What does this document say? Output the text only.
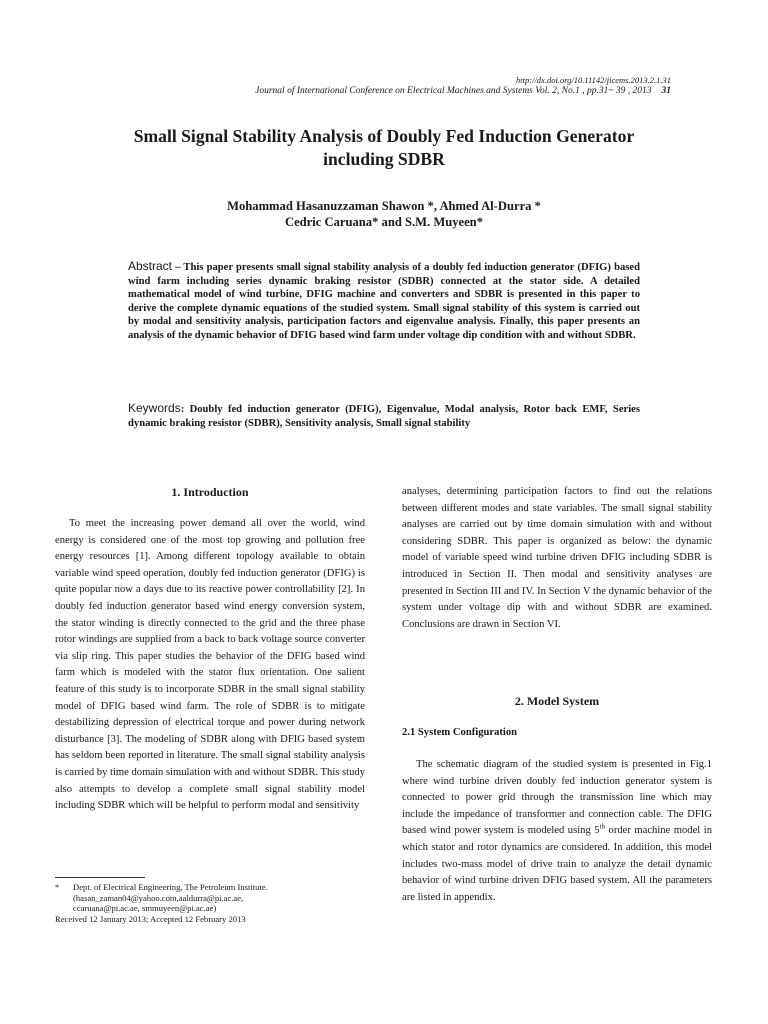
http://dx.doi.org/10.11142/jicems.2013.2.1.31
Journal of International Conference on Electrical Machines and Systems Vol. 2, No.1 , pp.31~ 39 , 2013 31
Small Signal Stability Analysis of Doubly Fed Induction Generator
including SDBR
Mohammad Hasanuzzaman Shawon *, Ahmed Al-Durra *
Cedric Caruana* and S.M. Muyeen*
Abstract – This paper presents small signal stability analysis of a doubly fed induction generator (DFIG) based wind farm including series dynamic braking resistor (SDBR) connected at the stator side. A detailed mathematical model of wind turbine, DFIG machine and converters and SDBR is presented in this paper to derive the complete dynamic equations of the studied system. Small signal stability of this system is carried out by modal and sensitivity analysis, participation factors and eigenvalue analysis. Finally, this paper presents an analysis of the dynamic behavior of DFIG based wind farm under voltage dip condition with and without SDBR.
Keywords: Doubly fed induction generator (DFIG), Eigenvalue, Modal analysis, Rotor back EMF, Series dynamic braking resistor (SDBR), Sensitivity analysis, Small signal stability
1. Introduction

To meet the increasing power demand all over the world, wind energy is considered one of the most top growing and pollution free energy resources [1]. Among different topology available to obtain variable wind speed operation, doubly fed induction generator (DFIG) is quite popular now a days due to its reactive power controllability [2]. In doubly fed induction generator based wind energy conversion system, the stator winding is directly connected to the grid and the three phase rotor windings are supplied from a back to back voltage source converter via slip ring. This paper studies the behavior of the DFIG based wind farm which is modeled with the stator flux orientation. One salient feature of this study is to incorporate SDBR in the small signal stability model of DFIG based wind farm. The role of SDBR is to mitigate destabilizing depression of electrical torque and power during network disturbance [3]. The modeling of SDBR along with DFIG based system has seldom been reported in literature. The small signal stability analysis is carried by time domain simulation with and without SDBR. This study also attempts to develop a complete small signal stability model including SDBR which will be helpful to perform modal and sensitivity

analyses, determining participation factors to find out the relations between different modes and state variables. The small signal stability analyses are carried out by time domain simulation with and without considering SDBR. This paper is organized as below: the dynamic model of variable speed wind turbine driven DFIG including SDBR is introduced in Section II. Then modal and sensitivity analyses are presented in Section III and IV. In Section V the dynamic behavior of the system under voltage dip with and without SDBR are examined. Conclusions are drawn in Section VI.

2. Model System
2.1 System Configuration
The schematic diagram of the studied system is presented in Fig.1 where wind turbine driven doubly fed induction generator system is connected to power grid through the transmission line which may include the impedance of transformer and connection cable. The DFIG based wind power system is modeled using 5th order machine model in which stator and rotor dynamics are considered. In addition, this model includes two-mass model of drive train to analyze the detail dynamic behavior of wind turbine driven DFIG based system. All the parameters are listed in appendix.
*	Dept. of Electrical Engineering, The Petroleum Institute.
(hasan_zaman04@yahoo.com,aaldurra@pi.ac.ae,
ccaruana@pi.ac.ae, smmuyeen@pi.ac.ae)
Received 12 January 2013; Accepted 12 February 2013
